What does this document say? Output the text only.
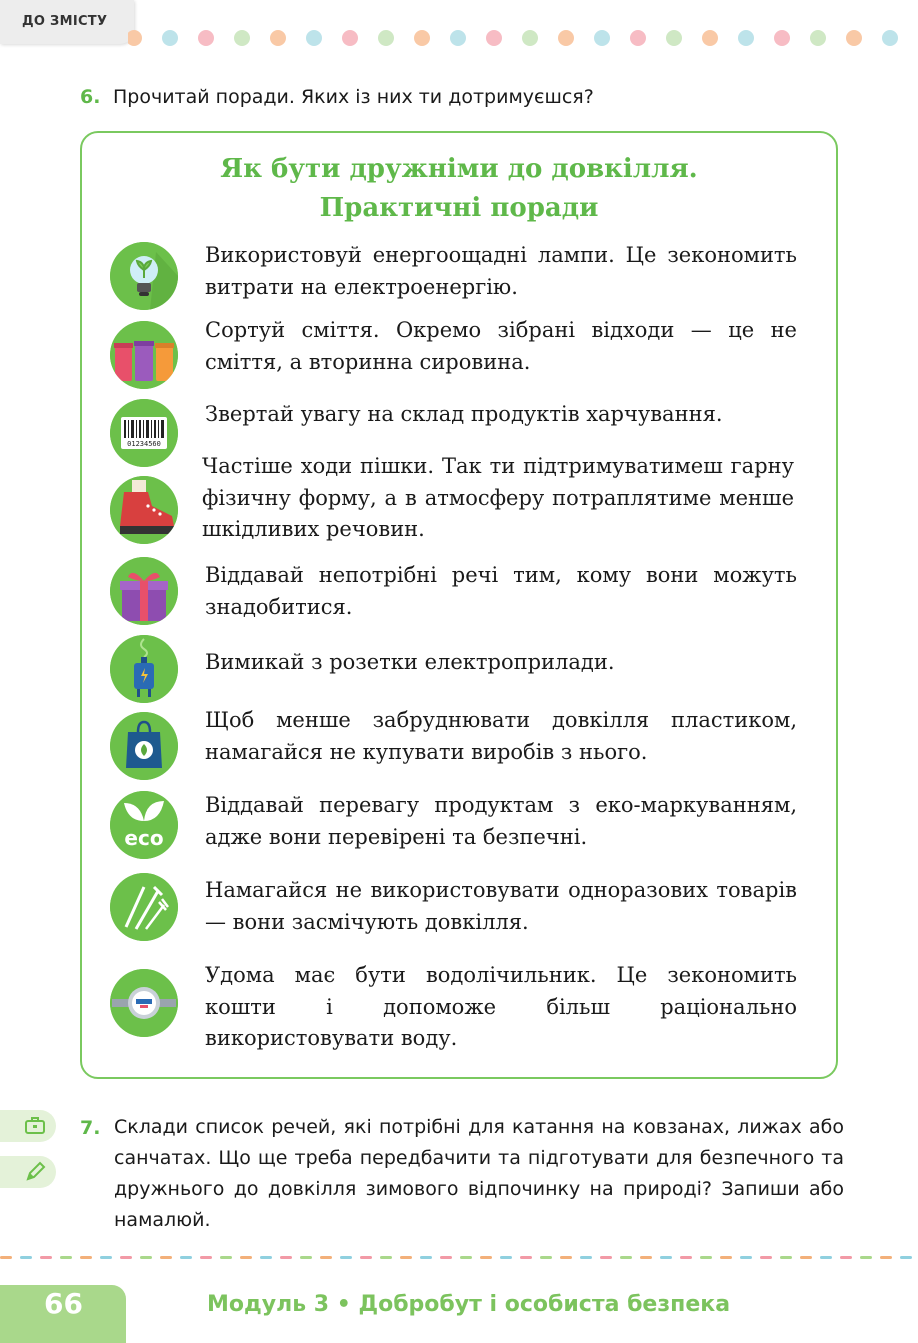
ДО ЗМІСТУ
6. Прочитай поради. Яких із них ти дотримуєшся?
Як бути дружніми до довкілля.
Практичні поради
Використовуй енергоощадні лампи. Це зекономить витрати на електроенергію.
Сортуй сміття. Окремо зібрані відходи — це не сміття, а вторинна сировина.
01234560
Звертай увагу на склад продуктів харчування.
Частіше ходи пішки. Так ти підтримуватимеш гарну фізичну форму, а в атмосферу потраплятиме менше шкідливих речовин.
Віддавай непотрібні речі тим, кому вони можуть знадобитися.
Вимикай з розетки електроприлади.
Щоб менше забруднювати довкілля пластиком, намагайся не купувати виробів з нього.
eco
Віддавай перевагу продуктам з еко-маркуванням, адже вони перевірені та безпечні.
Намагайся не використовувати одноразових товарів — вони засмічують довкілля.
Удома має бути водолічильник. Це зекономить кошти і допоможе більш раціонально використовувати воду.
7. Склади список речей, які потрібні для катання на ковзанах, лижах або санчатах. Що ще треба передбачити та підготувати для безпечного та дружнього до довкілля зимового відпочинку на природі? Запиши або намалюй.
66	Модуль 3 • Добробут і особиста безпека
